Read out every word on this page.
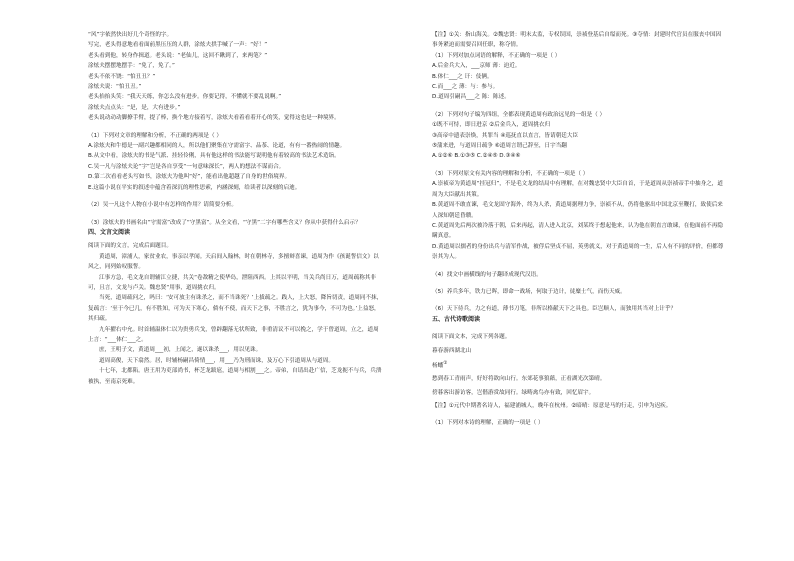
“风”字依然快出好几个奇怪的字。

写完，老头得意地看看面前黑压压的人群，涂炫夫拱手喊了一声：“好！”

老头看到他，转身作揖道。老头说：“老仙儿，这回不瞅到了，来两笔？”

涂炫夫摆摆地摆手：“免了，免了。”

老头不依不饶：“怕丑丑？”

涂炫夫说：“怕丑丑。”

老头抬抬头笑：“我天天练，你怎么没有进步。你要记得，不懂就不要乱说啊。”

涂炫夫点点头：“是，是，大有进步。”

老头说动动动脚撩手臂，提了棒，换个地方接着写，涂炫夫看着看着开心的笑，觉得这也是一种境界。

（1）下列对文章的理解和分析，不正确的两项是（ ）

A.涂炫夫和牛德是一副兴趣都相同的人，所以他们聚集在守需富字、品茶、论道，有有一番热闹的情趣。

B.从文中看，涂炫夫的书是气派、挂轻伶俐，具有他这样的书法能写说明他有着较高的书法艺术造诣。

C.吴一凡与涂炫夫论“字”岂是各自享受“一句意味深长”，两人的想法不谋而合。

D.第二次看看老头写如书，涂炫夫为他叫“好”，能看出他超越了自身的世俗境界。

E.这篇小说在平实的叙述中蕴含着深沉的理性思索，内涵深刻，给读者以深刻的启迪。

（2）吴一凡这个人物在小说中有怎样的作用？请简要分析。

（3）涂炫夫的书画名由“守需富”改成了“守黑富”。从全文看，“守黑”二字有哪些含义？你从中获得什么启示？

四、文言文阅读

阅读下面的文言，完成后面题目。

黄道周，漳浦人，家贫业农，事亲以孝闻。天启间入翰林，时在朝林寺，多擅辩喜谏，道周为作《孩诞誓信文》以风之，同列始叹服誓。

江事方急，毛文龙自谓辅江立捷，共关“卷敌精之使华岛，泄阻西西。上其以平明，当关兵尚日万，道周疏称其非可，且言，文龙与卢关。魏忠贤“用事，道周挑衣归。

当死，道周疏问之，吗曰：‘安可放主有诛杀之，而不当诛死？’上拔疏之。践人，上大怒，降旨切责，道周同不抹，复疏言：‘至于今已几，有不胜知，可为天下寒心，倘有不使，而天下之事，不胜言之，犹为事今，不可为也。’上益怒，其归疏。

九年擢右中允。时首辅温体仁以为贵勇兵戈，曾辟翻落无状所致，非重清议不可以挽之，学于曾道周，立之，道周上言：“___体仁___之。

庶，王明子文，黄道周___初，上闻之，遂以诛杀___，用以见诛。

道周高俊，天下翕然。居，时辅杨嗣昌倚情___，用___乃为刑而诛，及万心下引道周从与道周。

十七年，北都陷。唐王用为吏部尚书，杯芝龙跋扈，道周与相割___之。帝弟，自请出赴广信，芝龙扼不与兵，兵溃被执，至南京死难。

【注】①关：指山海关。②魏忠贤：明末太监，专权误国，崇祯登基后自缢而死。③夺情：封建时代官员在服丧中国因事务紧迫而需要召回任职，称夺情。

（1）下列对加点词语的解释，不正确的一项是（ ）

A.后金兵大入，___京师 薄：迫近。

B.体仁___之 讦：伎俩。

C.而___之 薄：与：参与。

D.道周引嗣昌___之 陈：陈述。

（2）下列对句子编为四组，全都表现黄道周有政治远见的一组是（ ）

①既不可恃，即日进京 ②后金兵入，道周挑衣归

③高帝中遗表崇焕，其罪当 ④巡抚直以直言，皆请朝廷大臣

⑤蒲来进，与道周日疏争 ⑥道周言谓己辞至，日宇当翻

A.①②⑥ B.①③⑤ C.②④⑤ D.③④⑥

（3）下列对原文有关内容的理解和分析，不正确的一项是（ ）

A.崇祯帝为黄道周“挂冠归”，不是毛文龙的结局中有理解，在对魏忠贤中大臣自首，于是道周从崇祯帝手中抽身之，道周为大臣献出其策。

B.黄道周不敢直谏，毛文龙固守海外，终为人杀，黄道周据理力争，崇祯不从，仍将他驱出中国北京至鞭打，致使后来人深知朝廷昏聩。

C.黄道周先后两次被冷落于朝，后来再起，清人进入北京，刘某终于想起他来，认为他在朝直言敢谏，在他面前不再隐瞒真意。

D.黄道周以儒者的身份出兵与清军作战，被俘后坚贞不屈，英勇就义，对于黄道周的一生，后人有不同的评价，但都尊崇其为人。

（4）找文中画横线的句子翻译成现代汉语。

（5）养兵多年，铁力已晖，即命一战场，何取于边计，徒糜士气，而伤天威。

（6）天下待兵，力之有道，薄书刀笔，非所以格献天下之具也。臣岂顺人，而独用其当对上计乎？

五、古代诗歌阅读

阅读下面文本，完成下列各题。

暮春游西湖北山

杨蟠①

愁到春工青雨声，好好将欲向山行。东郊花事狼藉，正看湖光次第晴。

傍暮客出游访客，岂偕游赏故同行。绿畴禽鸟亦有致，回忆眉宇。

【注】①元代中期著名诗人，福建浦城人，晚年在杭州。②暗晴：原意是马的行走，引申为迟疾。

（1）下列对本诗的理解，正确的一项是（ ）
